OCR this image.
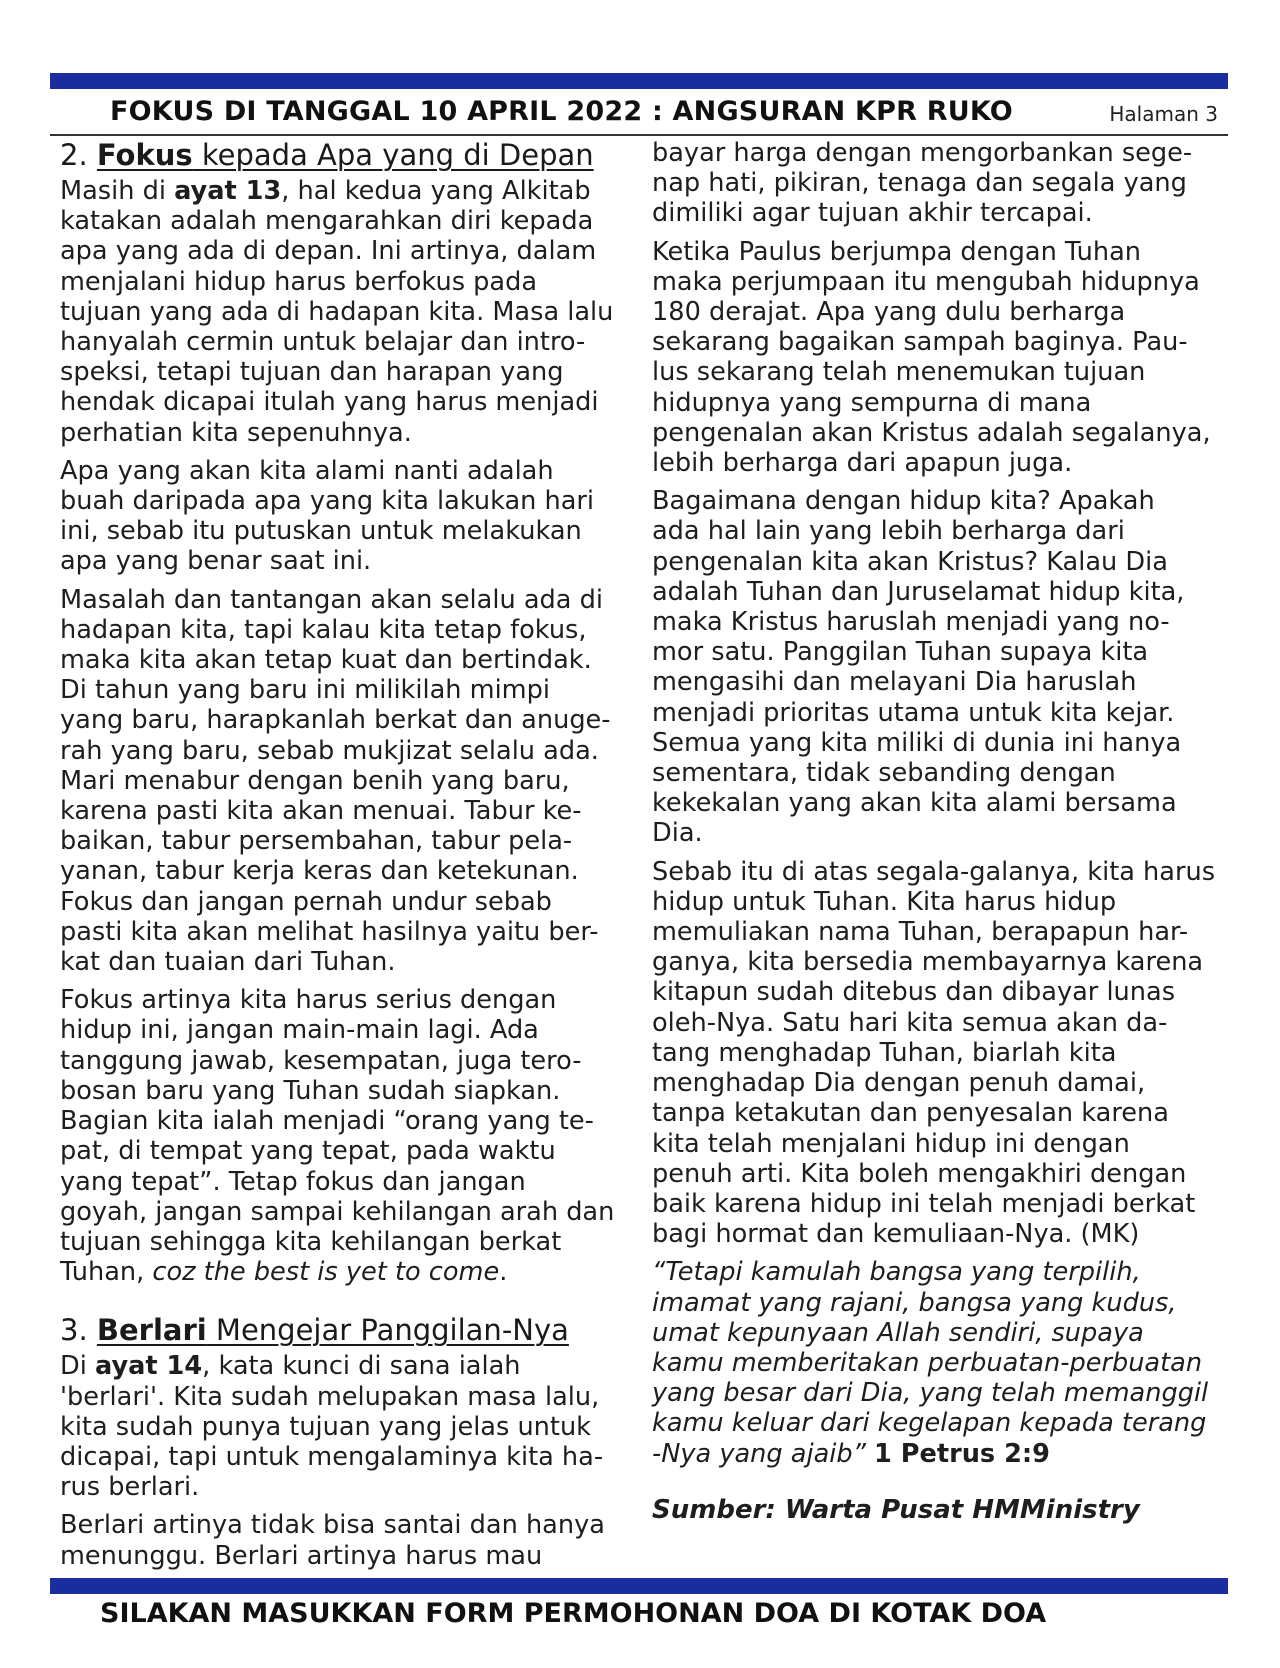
FOKUS DI TANGGAL 10 APRIL 2022 : ANGSURAN KPR RUKO	Halaman 3
2. Fokus kepada Apa yang di Depan

Masih di ayat 13, hal kedua yang Alkitab
katakan adalah mengarahkan diri kepada
apa yang ada di depan. Ini artinya, dalam
menjalani hidup harus berfokus pada
tujuan yang ada di hadapan kita. Masa lalu
hanyalah cermin untuk belajar dan intro-
speksi, tetapi tujuan dan harapan yang
hendak dicapai itulah yang harus menjadi
perhatian kita sepenuhnya.

Apa yang akan kita alami nanti adalah
buah daripada apa yang kita lakukan hari
ini, sebab itu putuskan untuk melakukan
apa yang benar saat ini.

Masalah dan tantangan akan selalu ada di
hadapan kita, tapi kalau kita tetap fokus,
maka kita akan tetap kuat dan bertindak.
Di tahun yang baru ini milikilah mimpi
yang baru, harapkanlah berkat dan anuge-
rah yang baru, sebab mukjizat selalu ada.
Mari menabur dengan benih yang baru,
karena pasti kita akan menuai. Tabur ke-
baikan, tabur persembahan, tabur pela-
yanan, tabur kerja keras dan ketekunan.
Fokus dan jangan pernah undur sebab
pasti kita akan melihat hasilnya yaitu ber-
kat dan tuaian dari Tuhan.

Fokus artinya kita harus serius dengan
hidup ini, jangan main-main lagi. Ada
tanggung jawab, kesempatan, juga tero-
bosan baru yang Tuhan sudah siapkan.
Bagian kita ialah menjadi “orang yang te-
pat, di tempat yang tepat, pada waktu
yang tepat”. Tetap fokus dan jangan
goyah, jangan sampai kehilangan arah dan
tujuan sehingga kita kehilangan berkat
Tuhan, coz the best is yet to come.

3. Berlari Mengejar Panggilan-Nya

Di ayat 14, kata kunci di sana ialah
'berlari'. Kita sudah melupakan masa lalu,
kita sudah punya tujuan yang jelas untuk
dicapai, tapi untuk mengalaminya kita ha-
rus berlari.

Berlari artinya tidak bisa santai dan hanya
menunggu. Berlari artinya harus mau

bayar harga dengan mengorbankan sege-
nap hati, pikiran, tenaga dan segala yang
dimiliki agar tujuan akhir tercapai.

Ketika Paulus berjumpa dengan Tuhan
maka perjumpaan itu mengubah hidupnya
180 derajat. Apa yang dulu berharga
sekarang bagaikan sampah baginya. Pau-
lus sekarang telah menemukan tujuan
hidupnya yang sempurna di mana
pengenalan akan Kristus adalah segalanya,
lebih berharga dari apapun juga.

Bagaimana dengan hidup kita? Apakah
ada hal lain yang lebih berharga dari
pengenalan kita akan Kristus? Kalau Dia
adalah Tuhan dan Juruselamat hidup kita,
maka Kristus haruslah menjadi yang no-
mor satu. Panggilan Tuhan supaya kita
mengasihi dan melayani Dia haruslah
menjadi prioritas utama untuk kita kejar.
Semua yang kita miliki di dunia ini hanya
sementara, tidak sebanding dengan
kekekalan yang akan kita alami bersama
Dia.

Sebab itu di atas segala-galanya, kita harus
hidup untuk Tuhan. Kita harus hidup
memuliakan nama Tuhan, berapapun har-
ganya, kita bersedia membayarnya karena
kitapun sudah ditebus dan dibayar lunas
oleh-Nya. Satu hari kita semua akan da-
tang menghadap Tuhan, biarlah kita
menghadap Dia dengan penuh damai,
tanpa ketakutan dan penyesalan karena
kita telah menjalani hidup ini dengan
penuh arti. Kita boleh mengakhiri dengan
baik karena hidup ini telah menjadi berkat
bagi hormat dan kemuliaan-Nya. (MK)

“Tetapi kamulah bangsa yang terpilih,
imamat yang rajani, bangsa yang kudus,
umat kepunyaan Allah sendiri, supaya
kamu memberitakan perbuatan-perbuatan
yang besar dari Dia, yang telah memanggil
kamu keluar dari kegelapan kepada terang
-Nya yang ajaib” 1 Petrus 2:9
Sumber: Warta Pusat HMMinistry
SILAKAN MASUKKAN FORM PERMOHONAN DOA DI KOTAK DOA
